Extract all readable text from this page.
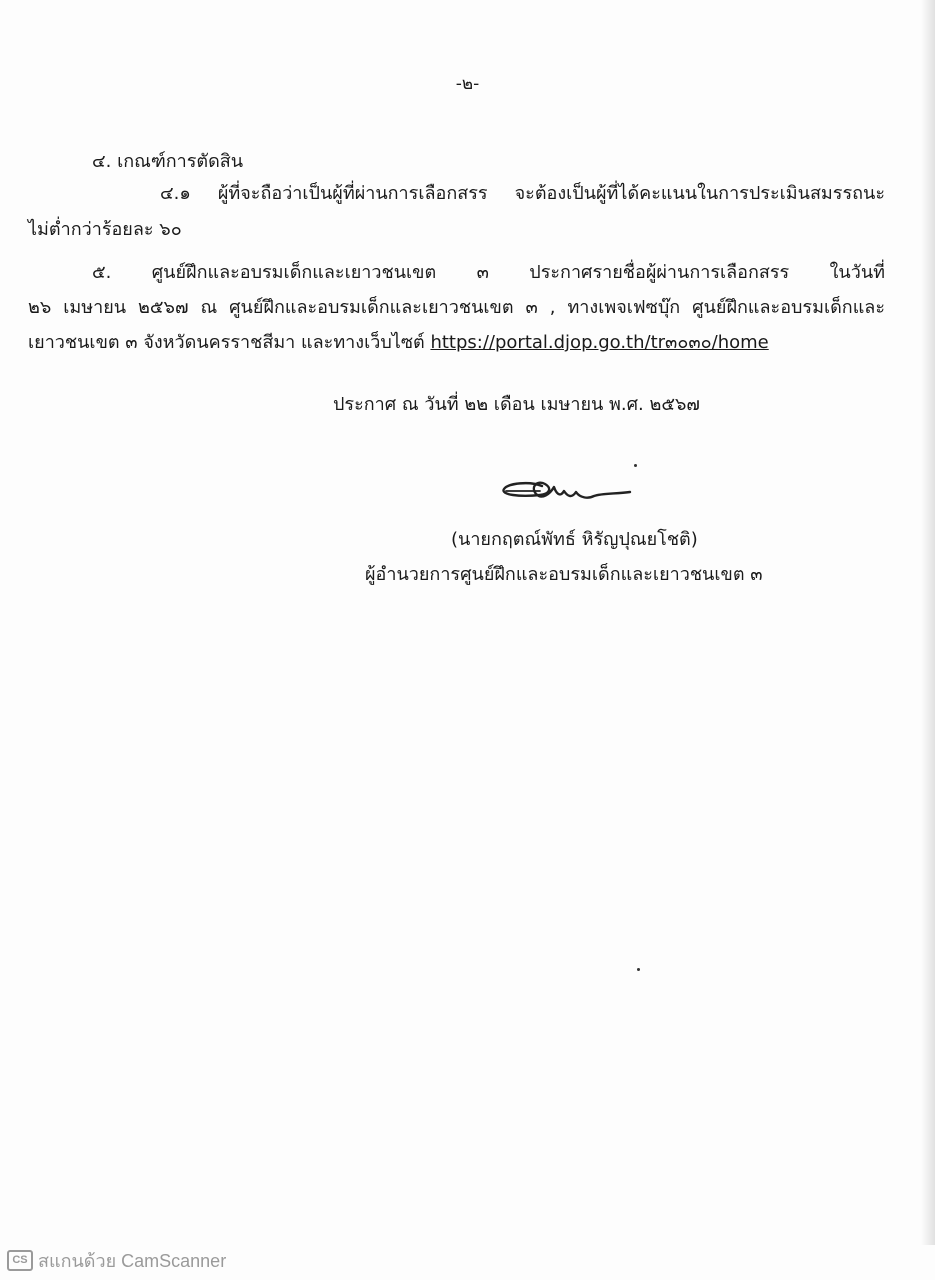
-๒-
๔. เกณฑ์การตัดสิน
๔.๑ ผู้ที่จะถือว่าเป็นผู้ที่ผ่านการเลือกสรร จะต้องเป็นผู้ที่ได้คะแนนในการประเมินสมรรถนะ
ไม่ต่ำกว่าร้อยละ ๖๐
๕. ศูนย์ฝึกและอบรมเด็กและเยาวชนเขต ๓ ประกาศรายชื่อผู้ผ่านการเลือกสรร ในวันที่
๒๖ เมษายน ๒๕๖๗ ณ ศูนย์ฝึกและอบรมเด็กและเยาวชนเขต ๓ , ทางเพจเฟซบุ๊ก ศูนย์ฝึกและอบรมเด็กและ
เยาวชนเขต ๓ จังหวัดนครราชสีมา และทางเว็บไซต์ https://portal.djop.go.th/tr๓๐๓๐/home
ประกาศ ณ วันที่ ๒๒ เดือน เมษายน พ.ศ. ๒๕๖๗
(นายกฤตณ์พัทธ์ หิรัญปุณยโชติ)
ผู้อำนวยการศูนย์ฝึกและอบรมเด็กและเยาวชนเขต ๓
CS สแกนด้วย CamScanner
